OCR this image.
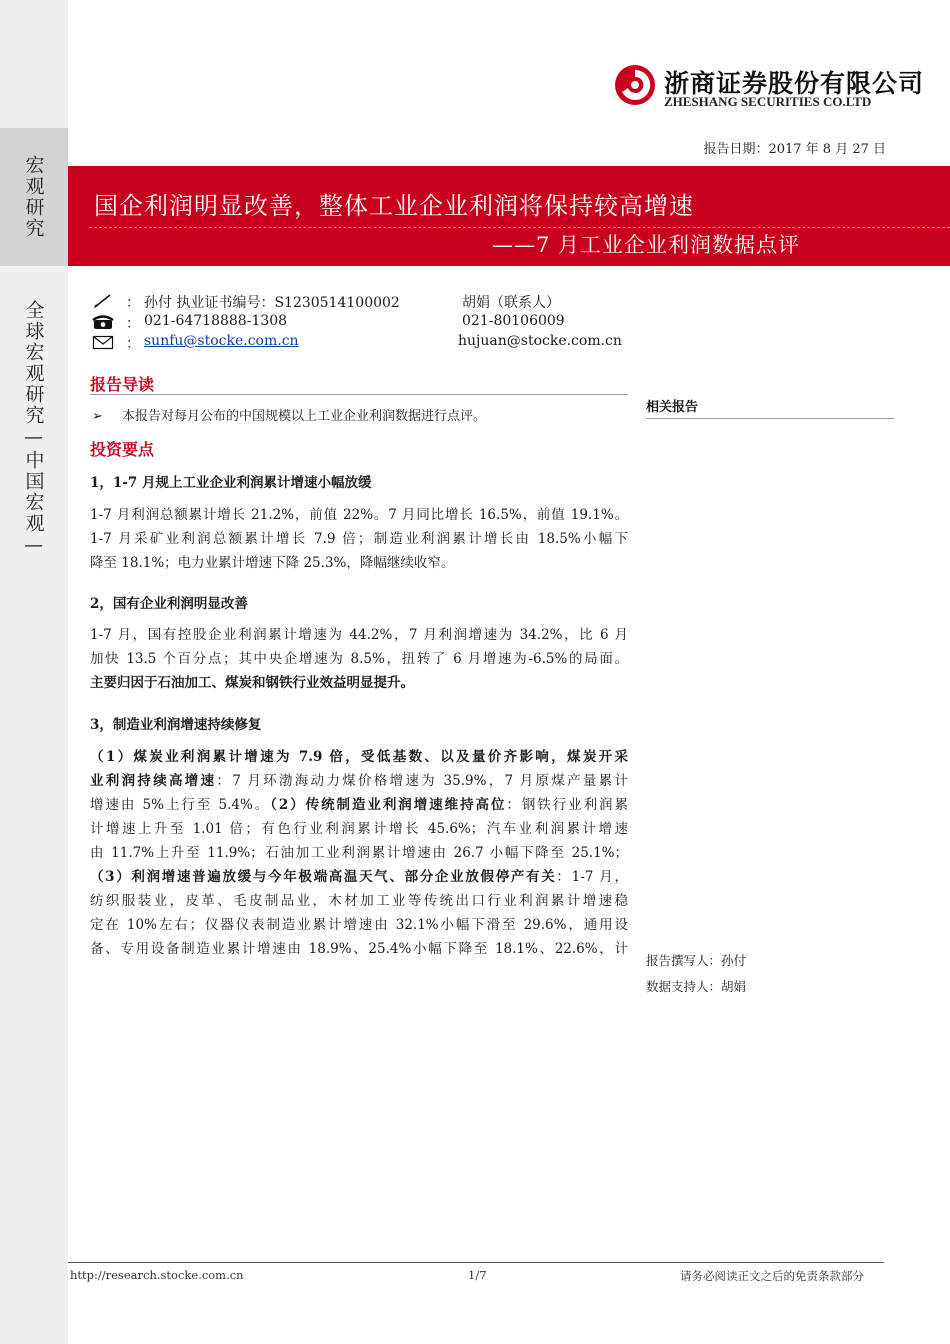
宏观研究
全球宏观研究—中国宏观—
浙商证券股份有限公司
ZHESHANG SECURITIES CO.LTD
报告日期：2017 年 8 月 27 日
国企利润明显改善，整体工业企业利润将保持较高增速
——7 月工业企业利润数据点评
： 孙付 执业证书编号：S1230514100002	胡娟（联系人）
： 021-64718888-1308	021-80106009
： sunfu@stocke.com.cn	hujuan@stocke.com.cn
报告导读
➢ 本报告对每月公布的中国规模以上工业企业利润数据进行点评。
投资要点
1，1-7 月规上工业企业利润累计增速小幅放缓
1-7 月利润总额累计增长 21.2%，前值 22%。7 月同比增长 16.5%，前值 19.1%。
1-7 月采矿业利润总额累计增长 7.9 倍；制造业利润累计增长由 18.5%小幅下
降至 18.1%；电力业累计增速下降 25.3%，降幅继续收窄。
2，国有企业利润明显改善
1-7 月，国有控股企业利润累计增速为 44.2%，7 月利润增速为 34.2%，比 6 月
加快 13.5 个百分点；其中央企增速为 8.5%，扭转了 6 月增速为-6.5%的局面。
主要归因于石油加工、煤炭和钢铁行业效益明显提升。
3，制造业利润增速持续修复
（1）煤炭业利润累计增速为 7.9 倍，受低基数、以及量价齐影响，煤炭开采
业利润持续高增速：7 月环渤海动力煤价格增速为 35.9%，7 月原煤产量累计
增速由 5%上行至 5.4%。（2）传统制造业利润增速维持高位：钢铁行业利润累
计增速上升至 1.01 倍；有色行业利润累计增长 45.6%；汽车业利润累计增速
由 11.7%上升至 11.9%；石油加工业利润累计增速由 26.7 小幅下降至 25.1%；
（3）利润增速普遍放缓与今年极端高温天气、部分企业放假停产有关：1-7 月，
纺织服装业，皮革、毛皮制品业，木材加工业等传统出口行业利润累计增速稳
定在 10%左右；仪器仪表制造业累计增速由 32.1%小幅下滑至 29.6%，通用设
备、专用设备制造业累计增速由 18.9%、25.4%小幅下降至 18.1%、22.6%，计
相关报告
报告撰写人：孙付
数据支持人：胡娟
http://research.stocke.com.cn	1/7	请务必阅读正文之后的免责条款部分
